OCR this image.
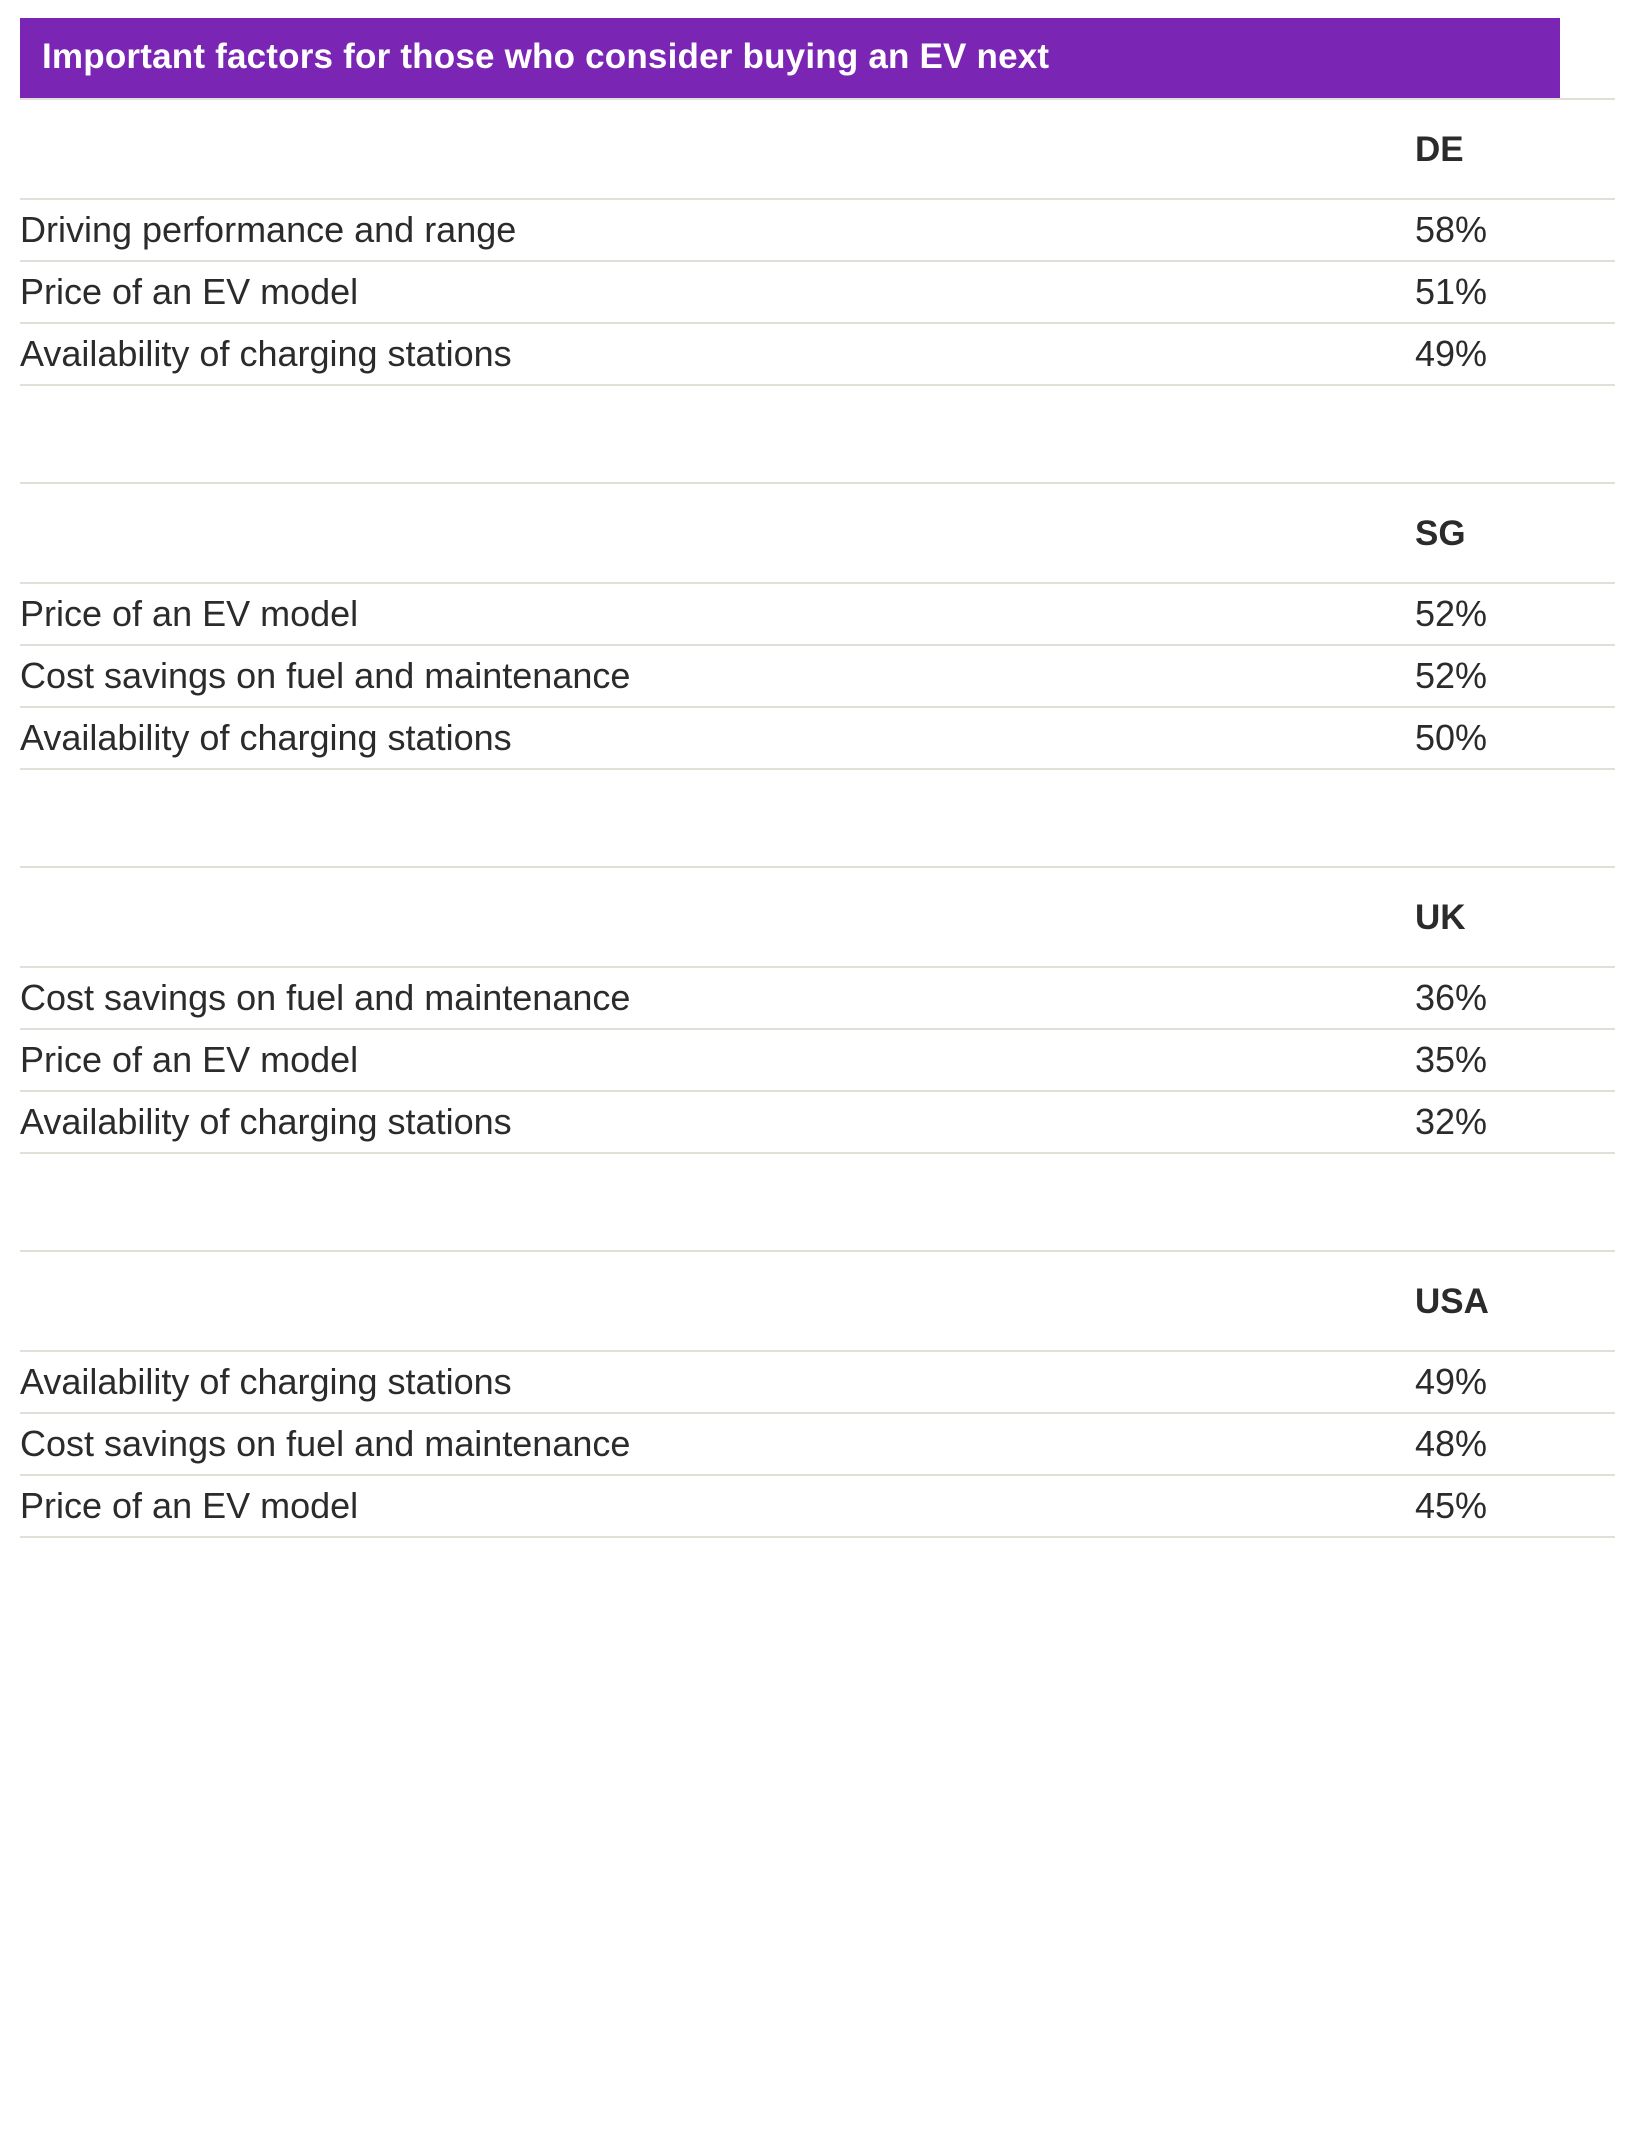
Important factors for those who consider buying an EV next
	DE
Driving performance and range	58%
Price of an EV model	51%
Availability of charging stations	49%

	SG
Price of an EV model	52%
Cost savings on fuel and maintenance	52%
Availability of charging stations	50%

	UK
Cost savings on fuel and maintenance	36%
Price of an EV model	35%
Availability of charging stations	32%

	USA
Availability of charging stations	49%
Cost savings on fuel and maintenance	48%
Price of an EV model	45%
